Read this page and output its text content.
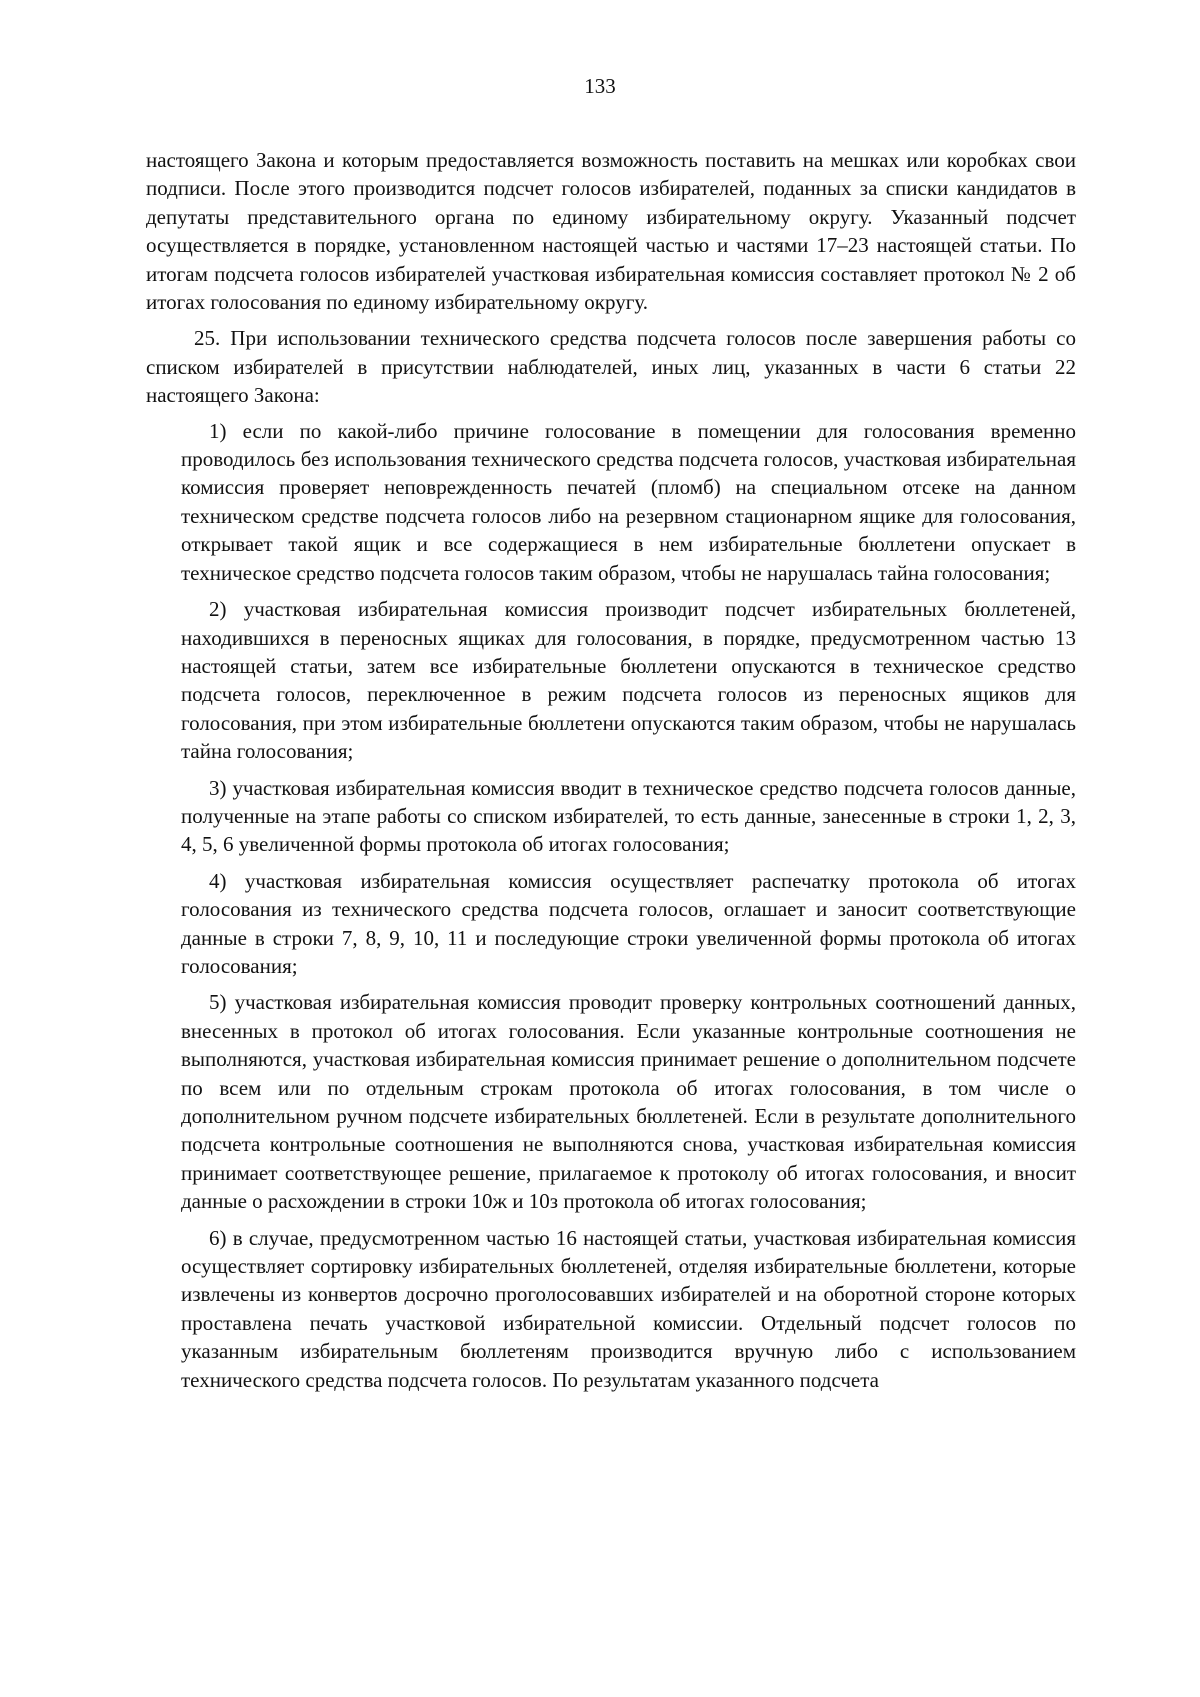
133

настоящего Закона и которым предоставляется возможность поставить на мешках или коробках свои подписи. После этого производится подсчет голосов избирателей, поданных за списки кандидатов в депутаты представительного органа по единому избирательному округу. Указанный подсчет осуществляется в порядке, установленном настоящей частью и частями 17–23 настоящей статьи. По итогам подсчета голосов избирателей участковая избирательная комиссия составляет протокол № 2 об итогах голосования по единому избирательному округу.

25. При использовании технического средства подсчета голосов после завершения работы со списком избирателей в присутствии наблюдателей, иных лиц, указанных в части 6 статьи 22 настоящего Закона:

1) если по какой-либо причине голосование в помещении для голосования временно проводилось без использования технического средства подсчета голосов, участковая избирательная комиссия проверяет неповрежденность печатей (пломб) на специальном отсеке на данном техническом средстве подсчета голосов либо на резервном стационарном ящике для голосования, открывает такой ящик и все содержащиеся в нем избирательные бюллетени опускает в техническое средство подсчета голосов таким образом, чтобы не нарушалась тайна голосования;

2) участковая избирательная комиссия производит подсчет избирательных бюллетеней, находившихся в переносных ящиках для голосования, в порядке, предусмотренном частью 13 настоящей статьи, затем все избирательные бюллетени опускаются в техническое средство подсчета голосов, переключенное в режим подсчета голосов из переносных ящиков для голосования, при этом избирательные бюллетени опускаются таким образом, чтобы не нарушалась тайна голосования;

3) участковая избирательная комиссия вводит в техническое средство подсчета голосов данные, полученные на этапе работы со списком избирателей, то есть данные, занесенные в строки 1, 2, 3, 4, 5, 6 увеличенной формы протокола об итогах голосования;

4) участковая избирательная комиссия осуществляет распечатку протокола об итогах голосования из технического средства подсчета голосов, оглашает и заносит соответствующие данные в строки 7, 8, 9, 10, 11 и последующие строки увеличенной формы протокола об итогах голосования;

5) участковая избирательная комиссия проводит проверку контрольных соотношений данных, внесенных в протокол об итогах голосования. Если указанные контрольные соотношения не выполняются, участковая избирательная комиссия принимает решение о дополнительном подсчете по всем или по отдельным строкам протокола об итогах голосования, в том числе о дополнительном ручном подсчете избирательных бюллетеней. Если в результате дополнительного подсчета контрольные соотношения не выполняются снова, участковая избирательная комиссия принимает соответствующее решение, прилагаемое к протоколу об итогах голосования, и вносит данные о расхождении в строки 10ж и 10з протокола об итогах голосования;

6) в случае, предусмотренном частью 16 настоящей статьи, участковая избирательная комиссия осуществляет сортировку избирательных бюллетеней, отделяя избирательные бюллетени, которые извлечены из конвертов досрочно проголосовавших избирателей и на оборотной стороне которых проставлена печать участковой избирательной комиссии. Отдельный подсчет голосов по указанным избирательным бюллетеням производится вручную либо с использованием технического средства подсчета голосов. По результатам указанного подсчета
